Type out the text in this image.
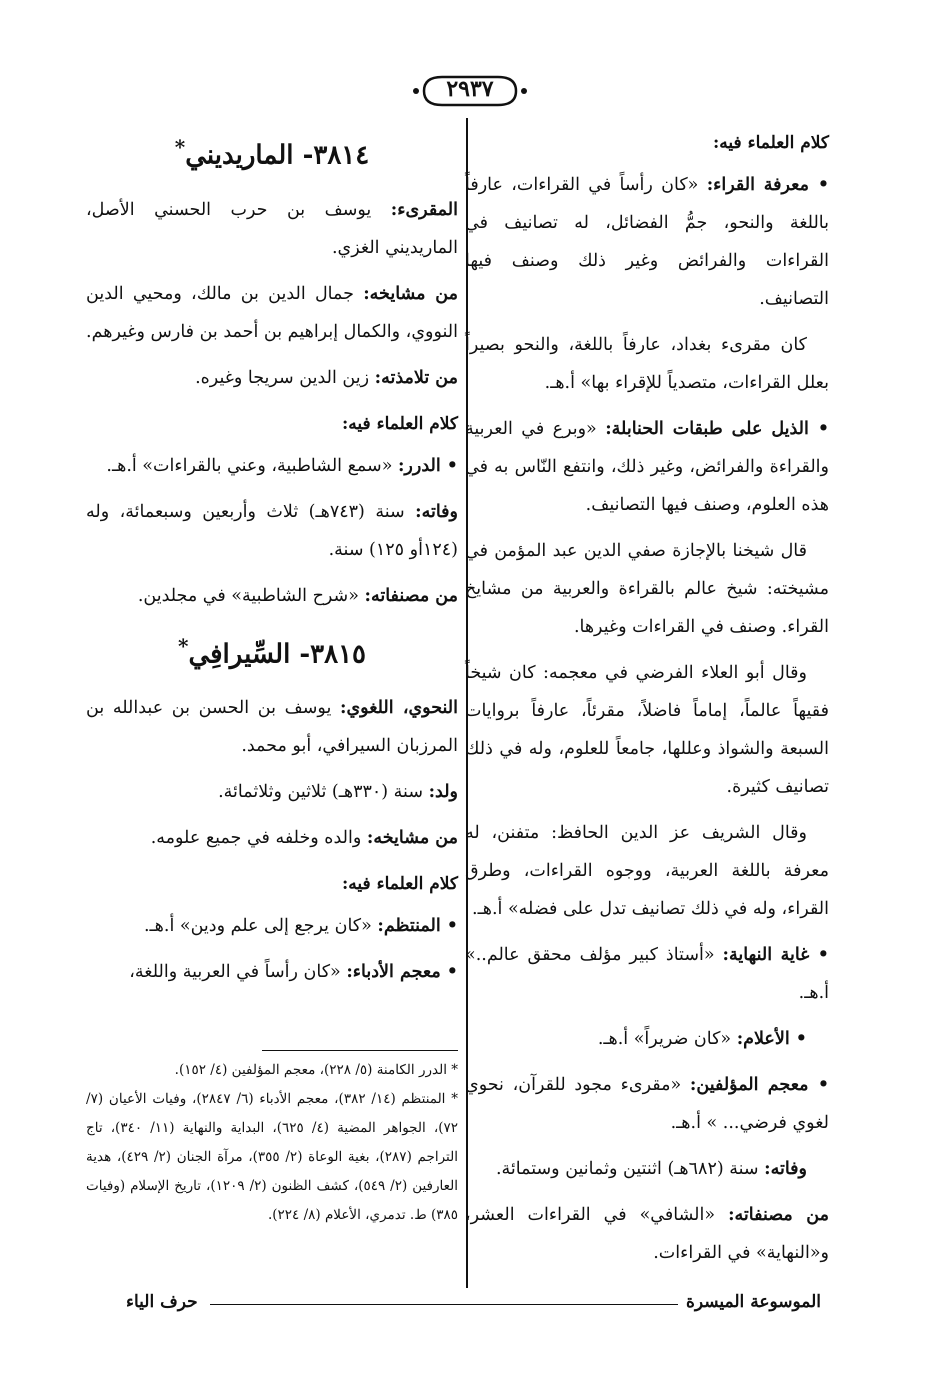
٢٩٣٧

كلام العلماء فيه:

• معرفة القراء: «كان رأساً في القراءات، عارفاً باللغة والنحو، جمُّ الفضائل، له تصانيف في القراءات والفرائض وغير ذلك وصنف فيها التصانيف.

كان مقرىء بغداد، عارفاً باللغة، والنحو بصيراً بعلل القراءات، متصدياً للإقراء بها» أ.هـ.

• الذيل على طبقات الحنابلة: «وبرع في العربية والقراءة والفرائض، وغير ذلك، وانتفع النّاس به في هذه العلوم، وصنف فيها التصانيف.

قال شيخنا بالإجازة صفي الدين عبد المؤمن في مشيخته: شيخ عالم بالقراءة والعربية من مشايخ القراء. وصنف في القراءات وغيرها.

وقال أبو العلاء الفرضي في معجمه: كان شيخاً فقيهاً عالماً، إماماً فاضلاً، مقرئاً، عارفاً بروايات السبعة والشواذ وعللها، جامعاً للعلوم، وله في ذلك تصانيف كثيرة.

وقال الشريف عز الدين الحافظ: متفنن، له معرفة باللغة العربية، ووجوه القراءات، وطرق القراء، وله في ذلك تصانيف تدل على فضله» أ.هـ.

• غاية النهاية: «أستاذ كبير مؤلف محقق عالم..» أ.هـ.

• الأعلام: «كان ضريراً» أ.هـ.

• معجم المؤلفين: «مقرىء مجود للقرآن، نحوي لغوي فرضي... » أ.هـ.

وفاته: سنة (٦٨٢هـ) اثنتين وثمانين وستمائة.

من مصنفاته: «الشافي» في القراءات العشر، و«النهاية» في القراءات.

٣٨١٤- الماريديني*

المقرىء: يوسف بن حرب الحسني الأصل، الماريديني الغزي.

من مشايخه: جمال الدين بن مالك، ومحيي الدين النووي، والكمال إبراهيم بن أحمد بن فارس وغيرهم.

من تلامذته: زين الدين سريجا وغيره.

كلام العلماء فيه:

• الدرر: «سمع الشاطبية، وعني بالقراءات» أ.هـ.

وفاته: سنة (٧٤٣هـ) ثلاث وأربعين وسبعمائة، وله (١٢٤أو ١٢٥) سنة.

من مصنفاته: «شرح الشاطبية» في مجلدين.

٣٨١٥- السِّيرافِي*

النحوي، اللغوي: يوسف بن الحسن بن عبدالله بن المرزبان السيرافي، أبو محمد.

ولد: سنة (٣٣٠هـ) ثلاثين وثلاثمائة.

من مشايخه: والده وخلفه في جميع علومه.

كلام العلماء فيه:

• المنتظم: «كان يرجع إلى علم ودين» أ.هـ.

• معجم الأدباء: «كان رأساً في العربية واللغة،

* الدرر الكامنة (٥/ ٢٢٨)، معجم المؤلفين (٤/ ١٥٢).

* المنتظم (١٤/ ٣٨٢)، معجم الأدباء (٦/ ٢٨٤٧)، وفيات الأعيان (٧/ ٧٢)، الجواهر المضية (٤/ ٦٢٥)، البداية والنهاية (١١/ ٣٤٠)، تاج التراجم (٢٨٧)، بغية الوعاة (٢/ ٣٥٥)، مرآة الجنان (٢/ ٤٢٩)، هدية العارفين (٢/ ٥٤٩)، كشف الظنون (٢/ ١٢٠٩)، تاريخ الإسلام (وفيات ٣٨٥) ط. تدمري، الأعلام (٨/ ٢٢٤).

الموسوعة الميسرة
حرف الياء
